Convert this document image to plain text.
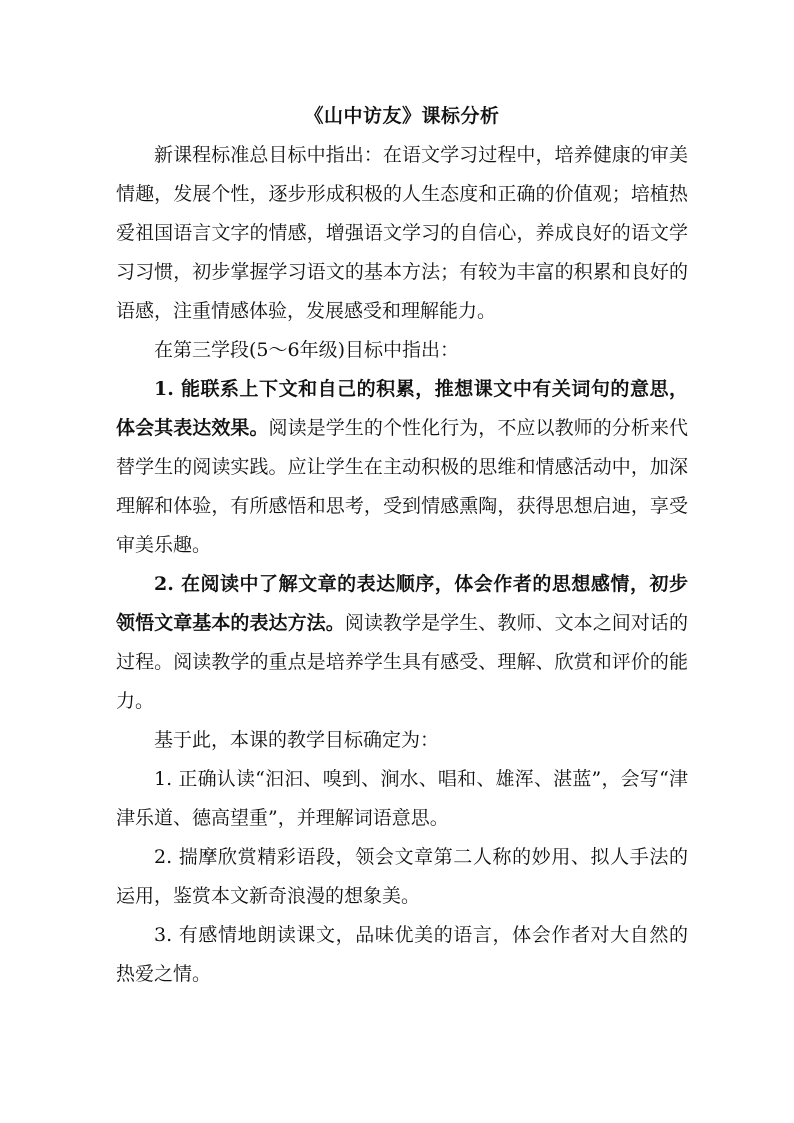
《山中访友》课标分析

新课程标准总目标中指出：在语文学习过程中，培养健康的审美情趣，发展个性，逐步形成积极的人生态度和正确的价值观；培植热爱祖国语言文字的情感，增强语文学习的自信心，养成良好的语文学习习惯，初步掌握学习语文的基本方法；有较为丰富的积累和良好的语感，注重情感体验，发展感受和理解能力。

在第三学段(5～6年级)目标中指出：

1. 能联系上下文和自己的积累，推想课文中有关词句的意思，体会其表达效果。阅读是学生的个性化行为，不应以教师的分析来代替学生的阅读实践。应让学生在主动积极的思维和情感活动中，加深理解和体验，有所感悟和思考，受到情感熏陶，获得思想启迪，享受审美乐趣。

2. 在阅读中了解文章的表达顺序，体会作者的思想感情，初步领悟文章基本的表达方法。阅读教学是学生、教师、文本之间对话的过程。阅读教学的重点是培养学生具有感受、理解、欣赏和评价的能力。

基于此，本课的教学目标确定为：

1. 正确认读“汩汩、嗅到、涧水、唱和、雄浑、湛蓝”，会写“津津乐道、德高望重”，并理解词语意思。

2. 揣摩欣赏精彩语段，领会文章第二人称的妙用、拟人手法的运用，鉴赏本文新奇浪漫的想象美。

3. 有感情地朗读课文，品味优美的语言，体会作者对大自然的热爱之情。
